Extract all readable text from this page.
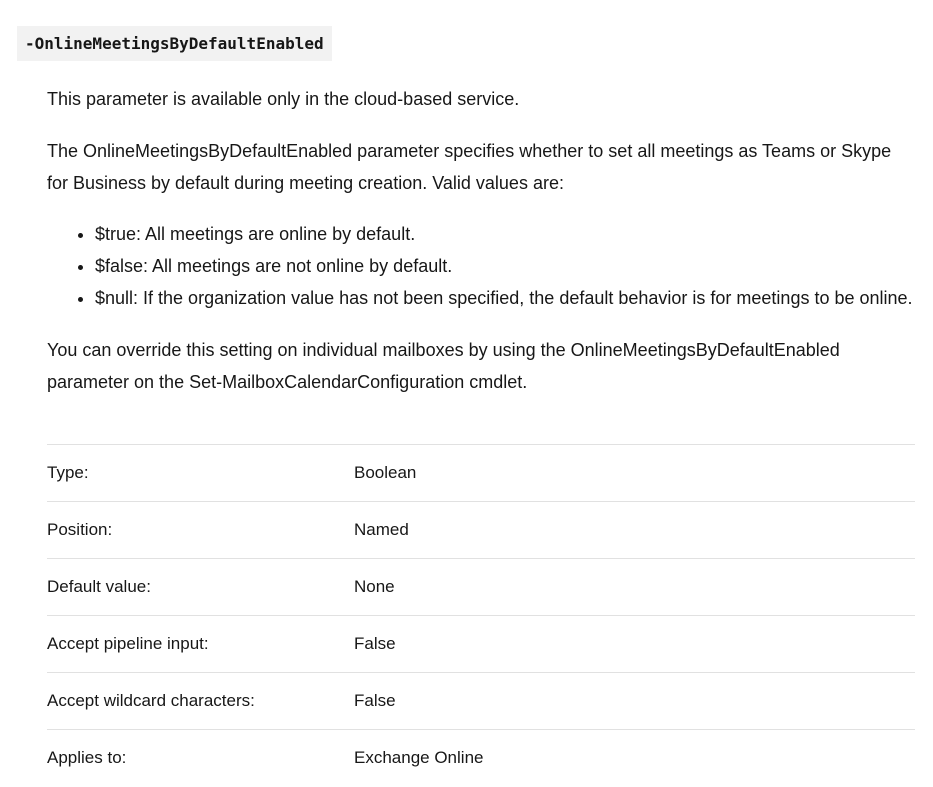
-OnlineMeetingsByDefaultEnabled

This parameter is available only in the cloud-based service.

The OnlineMeetingsByDefaultEnabled parameter specifies whether to set all meetings as Teams or Skype for Business by default during meeting creation. Valid values are:

• $true: All meetings are online by default.
• $false: All meetings are not online by default.
• $null: If the organization value has not been specified, the default behavior is for meetings to be online.

You can override this setting on individual mailboxes by using the OnlineMeetingsByDefaultEnabled parameter on the Set-MailboxCalendarConfiguration cmdlet.

Type:	Boolean
Position:	Named
Default value:	None
Accept pipeline input:	False
Accept wildcard characters:	False
Applies to:	Exchange Online
